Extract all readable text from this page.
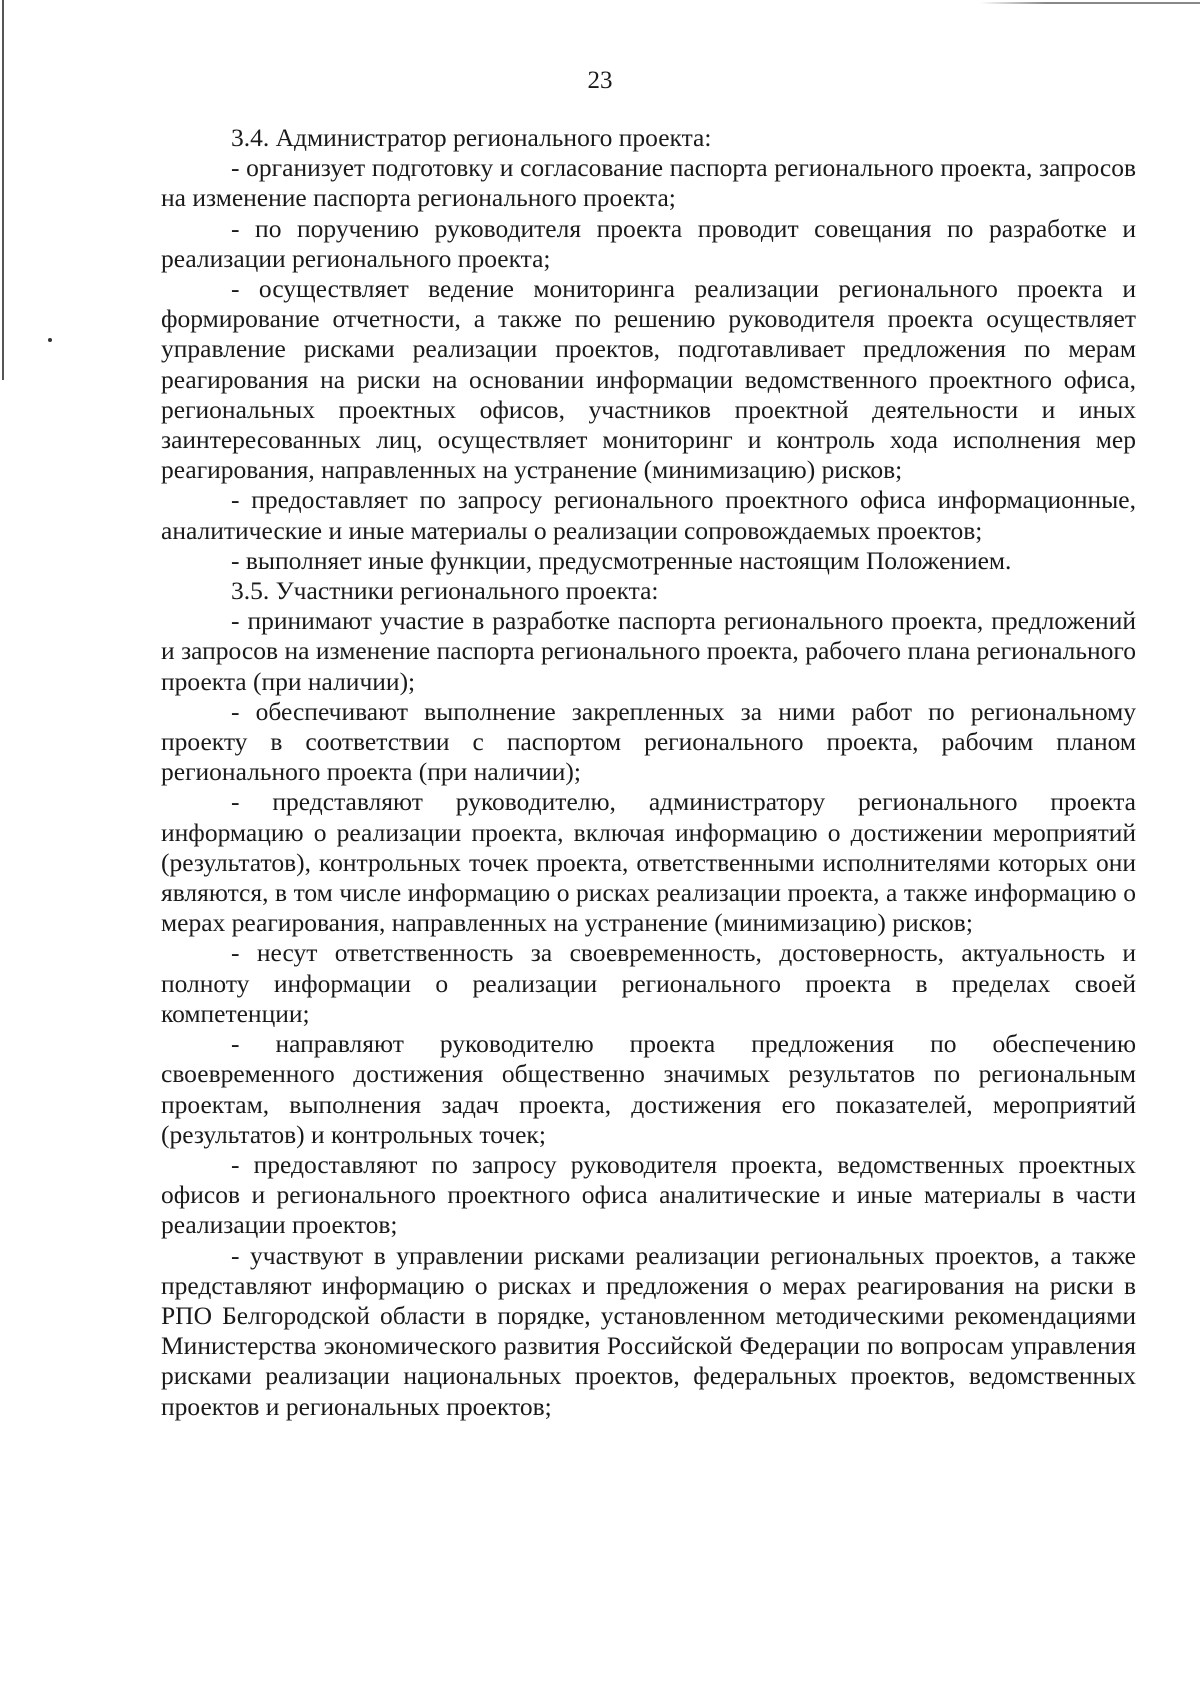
23

3.4. Администратор регионального проекта:

- организует подготовку и согласование паспорта регионального проекта, запросов на изменение паспорта регионального проекта;

- по поручению руководителя проекта проводит совещания по разработке и реализации регионального проекта;

- осуществляет ведение мониторинга реализации регионального проекта и формирование отчетности, а также по решению руководителя проекта осуществляет управление рисками реализации проектов, подготавливает предложения по мерам реагирования на риски на основании информации ведомственного проектного офиса, региональных проектных офисов, участников проектной деятельности и иных заинтересованных лиц, осуществляет мониторинг и контроль хода исполнения мер реагирования, направленных на устранение (минимизацию) рисков;

- предоставляет по запросу регионального проектного офиса информационные, аналитические и иные материалы о реализации сопровождаемых проектов;

- выполняет иные функции, предусмотренные настоящим Положением.

3.5. Участники регионального проекта:

- принимают участие в разработке паспорта регионального проекта, предложений и запросов на изменение паспорта регионального проекта, рабочего плана регионального проекта (при наличии);

- обеспечивают выполнение закрепленных за ними работ по региональному проекту в соответствии с паспортом регионального проекта, рабочим планом регионального проекта (при наличии);

- представляют руководителю, администратору регионального проекта информацию о реализации проекта, включая информацию о достижении мероприятий (результатов), контрольных точек проекта, ответственными исполнителями которых они являются, в том числе информацию о рисках реализации проекта, а также информацию о мерах реагирования, направленных на устранение (минимизацию) рисков;

- несут ответственность за своевременность, достоверность, актуальность и полноту информации о реализации регионального проекта в пределах своей компетенции;

- направляют руководителю проекта предложения по обеспечению своевременного достижения общественно значимых результатов по региональным проектам, выполнения задач проекта, достижения его показателей, мероприятий (результатов) и контрольных точек;

- предоставляют по запросу руководителя проекта, ведомственных проектных офисов и регионального проектного офиса аналитические и иные материалы в части реализации проектов;

- участвуют в управлении рисками реализации региональных проектов, а также представляют информацию о рисках и предложения о мерах реагирования на риски в РПО Белгородской области в порядке, установленном методическими рекомендациями Министерства экономического развития Российской Федерации по вопросам управления рисками реализации национальных проектов, федеральных проектов, ведомственных проектов и региональных проектов;
